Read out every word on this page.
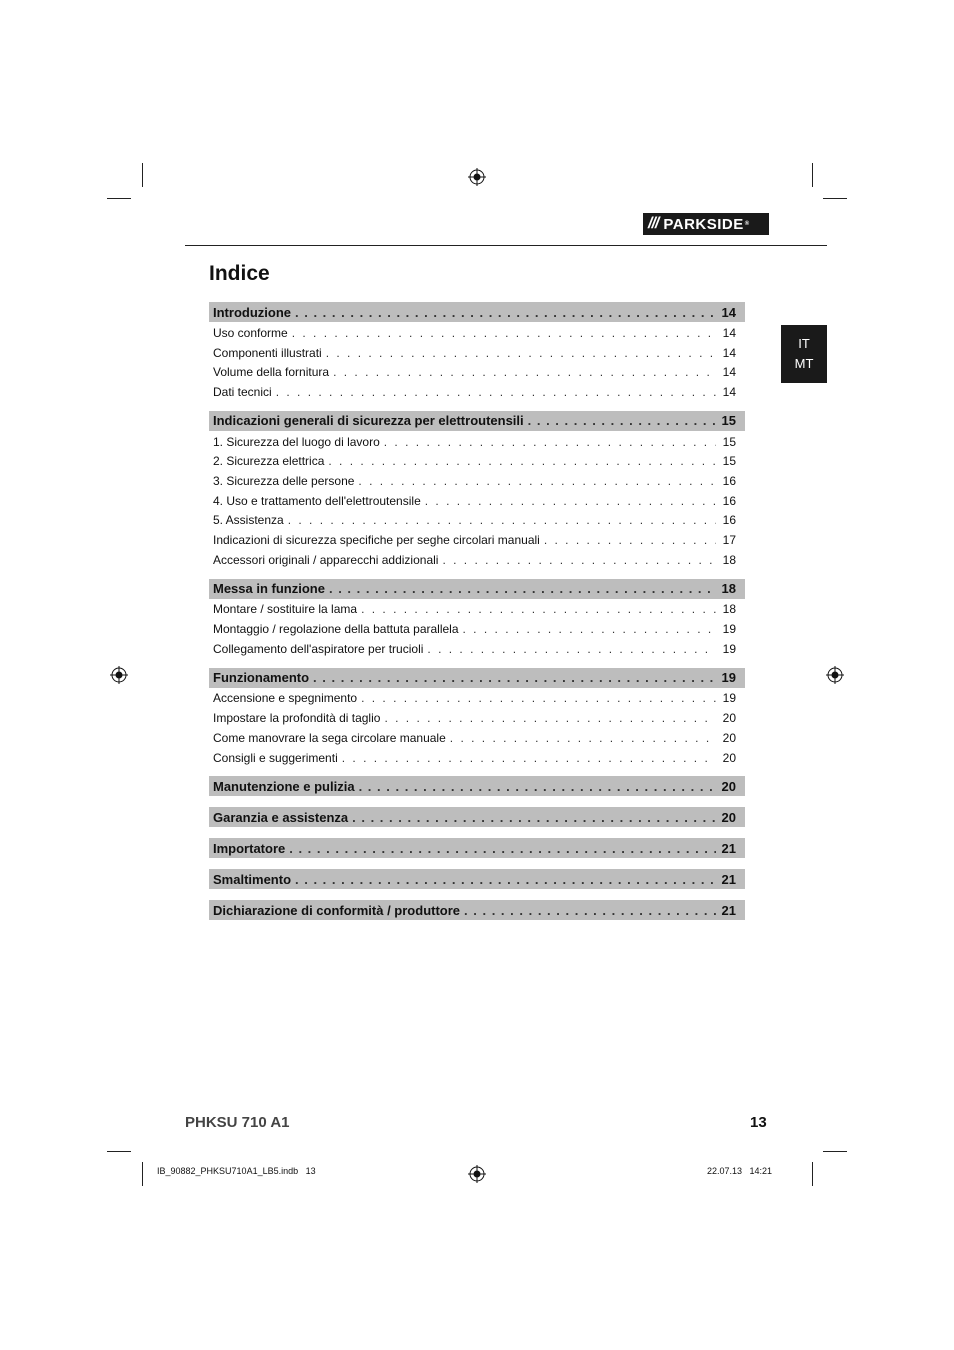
/// PARKSIDE ®
Indice
IT
MT
Introduzione . . .	14
Uso conforme . . .	14
Componenti illustrati . . .	14
Volume della fornitura . . .	14
Dati tecnici . . .	14
Indicazioni generali di sicurezza per elettroutensili . . .	15
1. Sicurezza del luogo di lavoro . . .	15
2. Sicurezza elettrica . . .	15
3. Sicurezza delle persone . . .	16
4. Uso e trattamento dell'elettroutensile . . .	16
5. Assistenza . . .	16
Indicazioni di sicurezza specifiche per seghe circolari manuali . . .	17
Accessori originali / apparecchi addizionali . . .	18
Messa in funzione . . .	18
Montare / sostituire la lama . . .	18
Montaggio / regolazione della battuta parallela . . .	19
Collegamento dell'aspiratore per trucioli . . .	19
Funzionamento . . .	19
Accensione e spegnimento . . .	19
Impostare la profondità di taglio . . .	20
Come manovrare la sega circolare manuale . . .	20
Consigli e suggerimenti . . .	20
Manutenzione e pulizia . . .	20
Garanzia e assistenza . . .	20
Importatore . . .	21
Smaltimento . . .	21
Dichiarazione di conformità / produttore . . .	21
PHKSU 710 A1	13
IB_90882_PHKSU710A1_LB5.indb   13	22.07.13   14:21
